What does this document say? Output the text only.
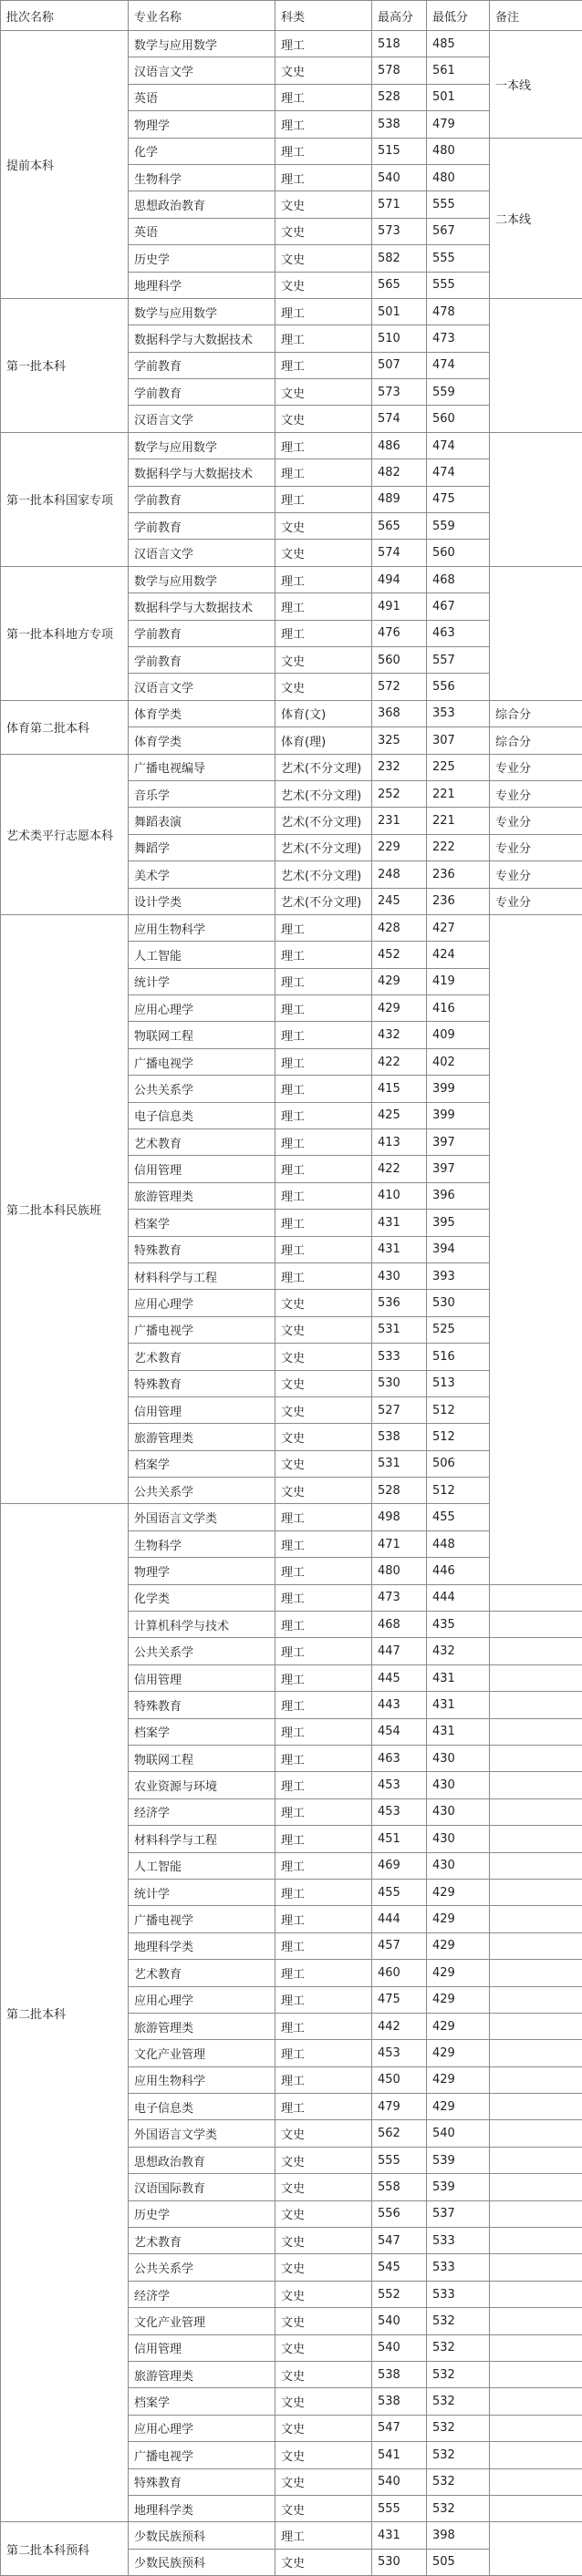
批次名称	专业名称	科类	最高分	最低分	备注
提前本科	数学与应用数学	理工	518	485	一本线
	汉语言文学	文史	578	561	
	英语	理工	528	501	
	物理学	理工	538	479	
	化学	理工	515	480	二本线
	生物科学	理工	540	480	
	思想政治教育	文史	571	555	
	英语	文史	573	567	
	历史学	文史	582	555	
	地理科学	文史	565	555	
第一批本科	数学与应用数学	理工	501	478	
	数据科学与大数据技术	理工	510	473	
	学前教育	理工	507	474	
	学前教育	文史	573	559	
	汉语言文学	文史	574	560	
第一批本科国家专项	数学与应用数学	理工	486	474	
	数据科学与大数据技术	理工	482	474	
	学前教育	理工	489	475	
	学前教育	文史	565	559	
	汉语言文学	文史	574	560	
第一批本科地方专项	数学与应用数学	理工	494	468	
	数据科学与大数据技术	理工	491	467	
	学前教育	理工	476	463	
	学前教育	文史	560	557	
	汉语言文学	文史	572	556	
体育第二批本科	体育学类	体育(文)	368	353	综合分
	体育学类	体育(理)	325	307	综合分
艺术类平行志愿本科	广播电视编导	艺术(不分文理)	232	225	专业分
	音乐学	艺术(不分文理)	252	221	专业分
	舞蹈表演	艺术(不分文理)	231	221	专业分
	舞蹈学	艺术(不分文理)	229	222	专业分
	美术学	艺术(不分文理)	248	236	专业分
	设计学类	艺术(不分文理)	245	236	专业分
第二批本科民族班	应用生物科学	理工	428	427	
	人工智能	理工	452	424	
	统计学	理工	429	419	
	应用心理学	理工	429	416	
	物联网工程	理工	432	409	
	广播电视学	理工	422	402	
	公共关系学	理工	415	399	
	电子信息类	理工	425	399	
	艺术教育	理工	413	397	
	信用管理	理工	422	397	
	旅游管理类	理工	410	396	
	档案学	理工	431	395	
	特殊教育	理工	431	394	
	材料科学与工程	理工	430	393	
	应用心理学	文史	536	530	
	广播电视学	文史	531	525	
	艺术教育	文史	533	516	
	特殊教育	文史	530	513	
	信用管理	文史	527	512	
	旅游管理类	文史	538	512	
	档案学	文史	531	506	
	公共关系学	文史	528	512	
第二批本科	外国语言文学类	理工	498	455	
	生物科学	理工	471	448	
	物理学	理工	480	446	
	化学类	理工	473	444	
	计算机科学与技术	理工	468	435	
	公共关系学	理工	447	432	
	信用管理	理工	445	431	
	特殊教育	理工	443	431	
	档案学	理工	454	431	
	物联网工程	理工	463	430	
	农业资源与环境	理工	453	430	
	经济学	理工	453	430	
	材料科学与工程	理工	451	430	
	人工智能	理工	469	430	
	统计学	理工	455	429	
	广播电视学	理工	444	429	
	地理科学类	理工	457	429	
	艺术教育	理工	460	429	
	应用心理学	理工	475	429	
	旅游管理类	理工	442	429	
	文化产业管理	理工	453	429	
	应用生物科学	理工	450	429	
	电子信息类	理工	479	429	
	外国语言文学类	文史	562	540	
	思想政治教育	文史	555	539	
	汉语国际教育	文史	558	539	
	历史学	文史	556	537	
	艺术教育	文史	547	533	
	公共关系学	文史	545	533	
	经济学	文史	552	533	
	文化产业管理	文史	540	532	
	信用管理	文史	540	532	
	旅游管理类	文史	538	532	
	档案学	文史	538	532	
	应用心理学	文史	547	532	
	广播电视学	文史	541	532	
	特殊教育	文史	540	532	
	地理科学类	文史	555	532	
第二批本科预科	少数民族预科	理工	431	398	
	少数民族预科	文史	530	505	
